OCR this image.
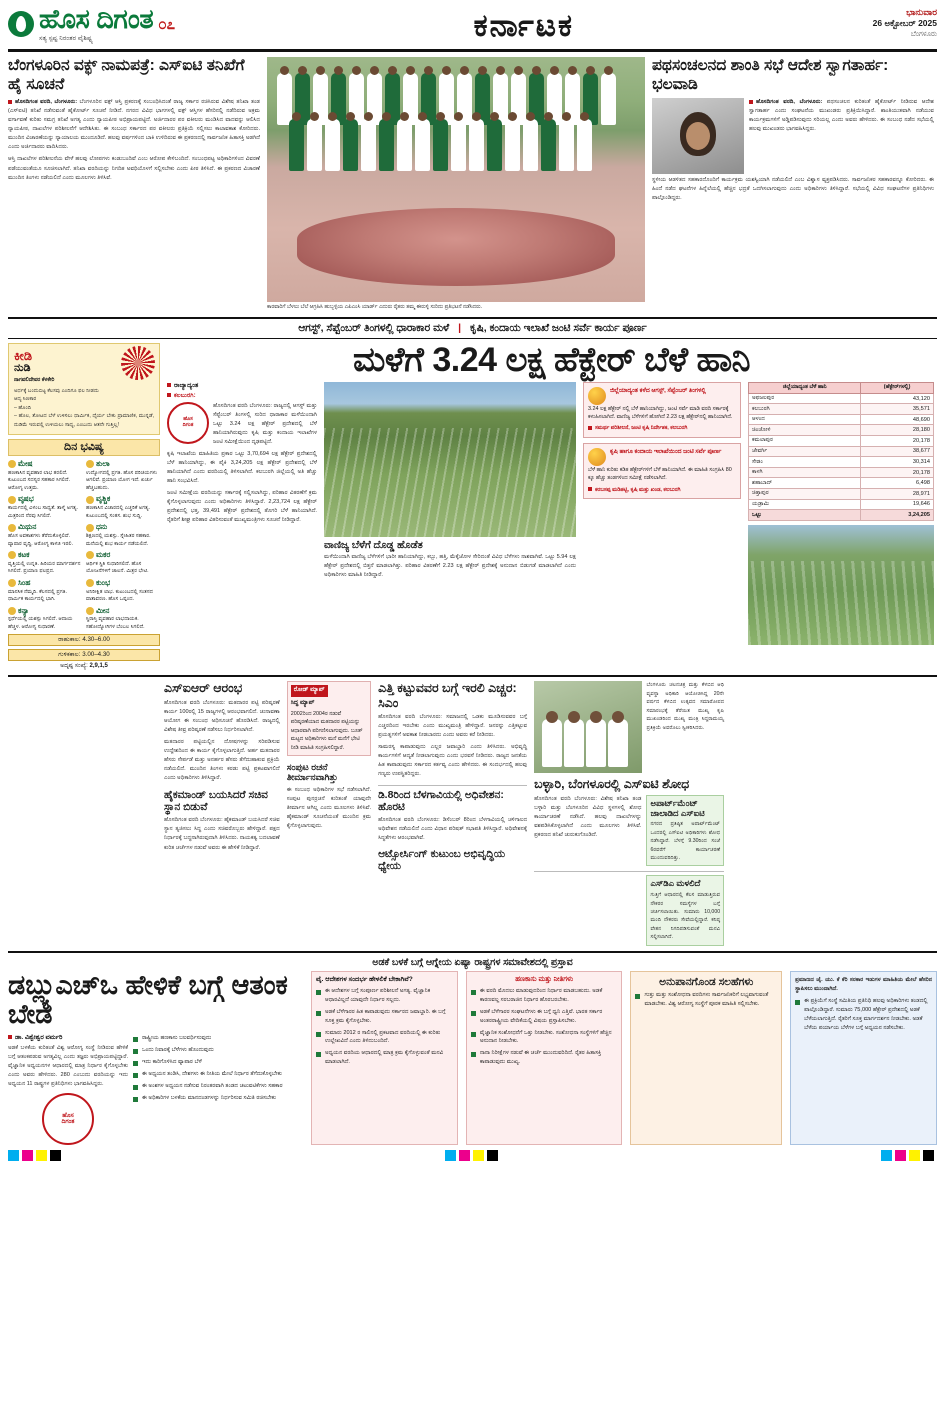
ಹೊಸ ದಿಗಂತ
ಸತ್ಯ ಸ್ಪಷ್ಟ ನಿರಂತರ ವೈಶಿಷ್ಟ್ಯ
೦೭	ಕರ್ನಾಟಕ	ಭಾನುವಾರ
26 ಅಕ್ಟೋಬರ್ 2025
ಬೆಂಗಳೂರು
ಬೆಂಗಳೂರಿನ ವಕ್ಫ್ ನಾಮಪತ್ರೆ: ಎಸ್‌ಐಟಿ ತನಿಖೆಗೆ ಹೈ ಸೂಚನೆ
ಹೊಸದಿಗಂತ ವರದಿ, ಬೆಂಗಳೂರು: ಬೆಂಗಳೂರಿನ ವಕ್ಫ್ ಆಸ್ತಿ ಪ್ರಕರಣಕ್ಕೆ ಸಂಬಂಧಿಸಿದಂತೆ ರಾಜ್ಯ ಸರ್ಕಾರ ರಚಿಸಿರುವ ವಿಶೇಷ ತನಿಖಾ ತಂಡ (ಎಸ್‌ಐಟಿ) ತನಿಖೆ ನಡೆಸುವಂತೆ ಹೈಕೋರ್ಟ್ ಸೂಚನೆ ನೀಡಿದೆ. ನಗರದ ವಿವಿಧ ಭಾಗಗಳಲ್ಲಿ ವಕ್ಫ್ ಆಸ್ತಿಗಳ ಹೆಸರಿನಲ್ಲಿ ನಡೆದಿರುವ ಅಕ್ರಮ ವರ್ಗಾವಣೆ ಕುರಿತು ಸಮಗ್ರ ತನಿಖೆ ಅಗತ್ಯ ಎಂದು ನ್ಯಾಯಪೀಠ ಅಭಿಪ್ರಾಯಪಟ್ಟಿದೆ. ಅರ್ಜಿದಾರರ ಪರ ವಕೀಲರು ಮಂಡಿಸಿದ ವಾದವನ್ನು ಆಲಿಸಿದ ನ್ಯಾಯಪೀಠ, ದಾಖಲೆಗಳ ಪರಿಶೀಲನೆಗೆ ಆದೇಶಿಸಿತು. ಈ ಸಂಬಂಧ ಸರ್ಕಾರದ ಪರ ವಕೀಲರು ಪ್ರತಿಕ್ರಿಯೆ ಸಲ್ಲಿಸಲು ಕಾಲಾವಕಾಶ ಕೋರಿದರು. ಮುಂದಿನ ವಿಚಾರಣೆಯನ್ನು ನ್ಯಾಯಾಲಯ ಮುಂದೂಡಿದೆ. ಹಲವು ವರ್ಷಗಳಿಂದ ಬಾಕಿ ಉಳಿದಿರುವ ಈ ಪ್ರಕರಣದಲ್ಲಿ ಸಾರ್ವಜನಿಕ ಹಿತಾಸಕ್ತಿ ಅಡಗಿದೆ ಎಂದು ಅರ್ಜಿದಾರರು ವಾದಿಸಿದರು.
ಆಸ್ತಿ ದಾಖಲೆಗಳ ಪರಿಶೀಲನೆಯ ವೇಳೆ ಹಲವು ಲೋಪಗಳು ಕಂಡುಬಂದಿವೆ ಎಂಬ ಆರೋಪ ಕೇಳಿಬಂದಿದೆ. ಸಂಬಂಧಪಟ್ಟ ಅಧಿಕಾರಿಗಳಿಂದ ವಿವರಣೆ ಪಡೆಯುವಂತೆಯೂ ಸೂಚಿಸಲಾಗಿದೆ. ತನಿಖಾ ವರದಿಯನ್ನು ನಿಗದಿತ ಅವಧಿಯೊಳಗೆ ಸಲ್ಲಿಸಬೇಕು ಎಂದು ಪೀಠ ತಿಳಿಸಿದೆ. ಈ ಪ್ರಕರಣದ ವಿಚಾರಣೆ ಮುಂದಿನ ತಿಂಗಳು ನಡೆಯಲಿದೆ ಎಂದು ಮೂಲಗಳು ತಿಳಿಸಿವೆ.
ಕಾರವಾರಿಗೆ ಬೆಳಲು ಬೆಲೆ ಆಗ್ರಹಿಸಿ ಹುಬ್ಬಳ್ಳಿಯ ಎಪಿಎಂಸಿ ಯಾರ್ಡ್ ಎದುರು ರೈತರು ತಮ್ಮ ಈರುಳ್ಳಿ ಸುರಿದು ಪ್ರತಿಭಟನೆ ನಡೆಸಿದರು.
ಪಥಸಂಚಲನದ ಶಾಂತಿ ಸಭೆ ಆದೇಶ ಸ್ವಾಗತಾರ್ಹ: ಭಲವಾಡಿ
ಹೊಸದಿಗಂತ ವರದಿ, ಬೆಂಗಳೂರು: ಪಥಸಂಚಲನ ಕುರಿತಂತೆ ಹೈಕೋರ್ಟ್ ನೀಡಿರುವ ಆದೇಶ ಸ್ವಾಗತಾರ್ಹ ಎಂದು ಸಂಘಟನೆಯ ಮುಖಂಡರು ಪ್ರತಿಕ್ರಿಯಿಸಿದ್ದಾರೆ. ಶಾಂತಿಯುತವಾಗಿ ನಡೆಯುವ ಕಾರ್ಯಕ್ರಮಗಳಿಗೆ ಅಡ್ಡಿಪಡಿಸುವುದು ಸರಿಯಲ್ಲ ಎಂದು ಅವರು ಹೇಳಿದರು. ಈ ಸಂಬಂಧ ನಡೆದ ಸಭೆಯಲ್ಲಿ ಹಲವು ಮುಖಂಡರು ಭಾಗವಹಿಸಿದ್ದರು.
ಸ್ಥಳೀಯ ಆಡಳಿತದ ಸಹಕಾರದೊಂದಿಗೆ ಕಾರ್ಯಕ್ರಮ ಯಶಸ್ವಿಯಾಗಿ ನಡೆಯಲಿದೆ ಎಂಬ ವಿಶ್ವಾಸ ವ್ಯಕ್ತಪಡಿಸಿದರು. ಸಾರ್ವಜನಿಕರ ಸಹಕಾರವನ್ನೂ ಕೋರಿದರು. ಈ ಹಿಂದೆ ನಡೆದ ಘಟನೆಗಳ ಹಿನ್ನೆಲೆಯಲ್ಲಿ ಹೆಚ್ಚಿನ ಭದ್ರತೆ ಒದಗಿಸಲಾಗುವುದು ಎಂದು ಅಧಿಕಾರಿಗಳು ತಿಳಿಸಿದ್ದಾರೆ. ಸಭೆಯಲ್ಲಿ ವಿವಿಧ ಸಂಘಟನೆಗಳ ಪ್ರತಿನಿಧಿಗಳು ಪಾಲ್ಗೊಂಡಿದ್ದರು.
ಆಗಸ್ಟ್, ಸೆಪ್ಟೆಂಬರ್ ತಿಂಗಳಲ್ಲಿ ಧಾರಾಕಾರ ಮಳೆ | ಕೃಷಿ, ಕಂದಾಯ ಇಲಾಖೆ ಜಂಟಿ ಸರ್ವೆ ಕಾರ್ಯ ಪೂರ್ಣ
ಕೀಡಿ
ನುಡಿ
ನಾಗವಲಿದೇವರ ಕೆಳಕೇರಿ
ಅರ್ಧಕ್ಕೆ ಬಂದುಬಿಟ್ಟ ಕೆಲಸವು ಎಂದಿಗೂ ಫಲ ನೀಡದು
ಆದ್ಯ ಸಿಣಕಾರ
– ಹೊಂದಿ
– ಹೊಲ, ತೋಟದ ಬೆಳೆ ಉಳಿಸಲು ಧಾರ್ಮಿಕ, ಧೈರ್ಯ ಬೇಕು ಪ್ರಾಮಾಣಿಕ, ಮುನ್ನಡೆ, ದುಡಿಮೆ ಇರುವಲ್ಲಿ ಉಳಿಯಲು ಸಾಧ್ಯ, ಎಂಬುದು ಆತನೇ ಗುತ್ತಿಲ್ಲ!
ದಿನ ಭವಿಷ್ಯ
ಮೇಷ
ಹಣಕಾಸಿನ ವ್ಯವಹಾರ ಲಾಭ ತರಲಿದೆ. ಕುಟುಂಬದ ಸದಸ್ಯರ ಸಹಕಾರ ಸಿಗಲಿದೆ. ಆರೋಗ್ಯ ಉತ್ತಮ.
ತುಲಾ
ಉದ್ಯೋಗದಲ್ಲಿ ಪ್ರಗತಿ. ಹೊಸ ಪರಿಚಯಗಳು ಆಗಲಿವೆ. ಪ್ರಯಾಣ ಯೋಗ ಇದೆ. ಖರ್ಚು ಹೆಚ್ಚಬಹುದು.
ವೃಷಭ
ಕಾರ್ಯದಲ್ಲಿ ವಿಳಂಬ ಸಾಧ್ಯತೆ. ತಾಳ್ಮೆ ಅಗತ್ಯ. ಮಿತ್ರರಿಂದ ನೆರವು ಸಿಗಲಿದೆ.
ವೃಶ್ಚಿಕ
ಹಣಕಾಸಿನ ವಿಚಾರದಲ್ಲಿ ಎಚ್ಚರಿಕೆ ಅಗತ್ಯ. ಕುಟುಂಬದಲ್ಲಿ ಸಂತಸ. ಶುಭ ಸುದ್ದಿ.
ಮಿಥುನ
ಹೊಸ ಅವಕಾಶಗಳು ತೆರೆದುಕೊಳ್ಳಲಿವೆ. ವ್ಯಾಪಾರ ವೃದ್ಧಿ. ಆರೋಗ್ಯ ಕಾಳಜಿ ಇರಲಿ.
ಧನು
ಶಿಕ್ಷಣದಲ್ಲಿ ಯಶಸ್ಸು. ಸ್ನೇಹಿತರ ಸಹಕಾರ. ಮನೆಯಲ್ಲಿ ಶುಭ ಕಾರ್ಯ ನಡೆಯಲಿದೆ.
ಕಟಕ
ವೃತ್ತಿಯಲ್ಲಿ ಉನ್ನತಿ. ಹಿರಿಯರ ಮಾರ್ಗದರ್ಶನ ಸಿಗಲಿದೆ. ಪ್ರಯಾಣ ಫಲಪ್ರದ.
ಮಕರ
ಆರ್ಥಿಕ ಸ್ಥಿತಿ ಸುಧಾರಿಸಲಿದೆ. ಹೊಸ ಯೋಜನೆಗಳಿಗೆ ಚಾಲನೆ. ಮಿತ್ರರ ಭೇಟಿ.
ಸಿಂಹ
ಮಾನಸಿಕ ನೆಮ್ಮದಿ. ಕೆಲಸದಲ್ಲಿ ಪ್ರಗತಿ. ಧಾರ್ಮಿಕ ಕಾರ್ಯದಲ್ಲಿ ಭಾಗಿ.
ಕುಂಭ
ಅನಿರೀಕ್ಷಿತ ಲಾಭ. ಕುಟುಂಬದಲ್ಲಿ ಸಂತಸದ ವಾತಾವರಣ. ಹೊಸ ಒಪ್ಪಂದ.
ಕನ್ಯಾ
ಸ್ಪರ್ಧೆಯಲ್ಲಿ ಯಶಸ್ಸು ಸಿಗಲಿದೆ. ಆದಾಯ ಹೆಚ್ಚಳ. ಆರೋಗ್ಯ ಸುಧಾರಣೆ.
ಮೀನ
ಸ್ಥಿರಾಸ್ತಿ ವ್ಯವಹಾರ ಲಾಭದಾಯಕ. ಸಹೋದ್ಯೋಗಿಗಳ ಬೆಂಬಲ ಸಿಗಲಿದೆ.
ರಾಹುಕಾಲ: 4.30–6.00
ಗುಳಿಕಕಾಲ: 3.00–4.30
ಅದೃಷ್ಟ ಸಂಖ್ಯೆ: 2,9,1,5
ಮಳೆಗೆ 3.24 ಲಕ್ಷ ಹೆಕ್ಟೇರ್ ಬೆಳೆ ಹಾನಿ
ರಾಜ್ಯಾದ್ಯಂತ
ಕಲಬುರಗಿ:
ಹೊಸ
ದಿಗಂತ
ಹೊಸದಿಗಂತ ವರದಿ ಬೆಂಗಳೂರು: ರಾಜ್ಯದಲ್ಲಿ ಆಗಸ್ಟ್ ಮತ್ತು ಸೆಪ್ಟೆಂಬರ್ ತಿಂಗಳಲ್ಲಿ ಸುರಿದ ಧಾರಾಕಾರ ಮಳೆಯಿಂದಾಗಿ ಒಟ್ಟು 3.24 ಲಕ್ಷ ಹೆಕ್ಟೇರ್ ಪ್ರದೇಶದಲ್ಲಿ ಬೆಳೆ ಹಾನಿಯಾಗಿರುವುದು ಕೃಷಿ ಮತ್ತು ಕಂದಾಯ ಇಲಾಖೆಗಳ ಜಂಟಿ ಸಮೀಕ್ಷೆಯಿಂದ ದೃಢಪಟ್ಟಿದೆ.
ಕೃಷಿ ಇಲಾಖೆಯ ಮಾಹಿತಿಯ ಪ್ರಕಾರ ಒಟ್ಟು 3,70,694 ಲಕ್ಷ ಹೆಕ್ಟೇರ್ ಪ್ರದೇಶದಲ್ಲಿ ಬೆಳೆ ಹಾನಿಯಾಗಿದ್ದು, ಈ ಪೈಕಿ 3,24,205 ಲಕ್ಷ ಹೆಕ್ಟೇರ್ ಪ್ರದೇಶದಲ್ಲಿ ಬೆಳೆ ಹಾನಿಯಾಗಿದೆ ಎಂದು ವರದಿಯಲ್ಲಿ ತಿಳಿಸಲಾಗಿದೆ. ಕಲಬುರಗಿ ಜಿಲ್ಲೆಯಲ್ಲಿ ಅತಿ ಹೆಚ್ಚು ಹಾನಿ ಸಂಭವಿಸಿದೆ.
ಜಂಟಿ ಸಮೀಕ್ಷೆಯ ವರದಿಯನ್ನು ಸರ್ಕಾರಕ್ಕೆ ಸಲ್ಲಿಸಲಾಗಿದ್ದು, ಪರಿಹಾರ ವಿತರಣೆಗೆ ಕ್ರಮ ಕೈಗೊಳ್ಳಲಾಗುವುದು ಎಂದು ಅಧಿಕಾರಿಗಳು ತಿಳಿಸಿದ್ದಾರೆ. 2,23,724 ಲಕ್ಷ ಹೆಕ್ಟೇರ್ ಪ್ರದೇಶದಲ್ಲಿ ಭತ್ತ, 39,491 ಹೆಕ್ಟೇರ್ ಪ್ರದೇಶದಲ್ಲಿ ತೊಗರಿ ಬೆಳೆ ಹಾನಿಯಾಗಿದೆ. ರೈತರಿಗೆ ಶೀಘ್ರ ಪರಿಹಾರ ವಿತರಿಸುವಂತೆ ಮುಖ್ಯಮಂತ್ರಿಗಳು ಸೂಚನೆ ನೀಡಿದ್ದಾರೆ.
ವಾಣಿಜ್ಯ ಬೆಳೆಗೆ ದೊಡ್ಡ ಹೊಡೆತ
ಮಳೆಯಿಂದಾಗಿ ವಾಣಿಜ್ಯ ಬೆಳೆಗಳಿಗೆ ಭಾರೀ ಹಾನಿಯಾಗಿದ್ದು, ಕಬ್ಬು, ಹತ್ತಿ, ಮೆಕ್ಕೆಜೋಳ ಸೇರಿದಂತೆ ವಿವಿಧ ಬೆಳೆಗಳು ನಾಶವಾಗಿವೆ. ಒಟ್ಟು 5.94 ಲಕ್ಷ ಹೆಕ್ಟೇರ್ ಪ್ರದೇಶದಲ್ಲಿ ಬಿತ್ತನೆ ಮಾಡಲಾಗಿತ್ತು. ಪರಿಹಾರ ವಿತರಣೆಗೆ 2.23 ಲಕ್ಷ ಹೆಕ್ಟೇರ್ ಪ್ರದೇಶಕ್ಕೆ ಅನುದಾನ ಬಿಡುಗಡೆ ಮಾಡಲಾಗಿದೆ ಎಂದು ಅಧಿಕಾರಿಗಳು ಮಾಹಿತಿ ನೀಡಿದ್ದಾರೆ.
ಜಿಲ್ಲೆಯಾದ್ಯಂತ ಕಳೆದ ಆಗಸ್ಟ್, ಸೆಪ್ಟೆಂಬರ್ ತಿಂಗಳಲ್ಲಿ
3.24 ಲಕ್ಷ ಹೆಕ್ಟೇರ್ ನಲ್ಲಿ ಬೆಳೆ ಹಾನಿಯಾಗಿದ್ದು, ಜಂಟಿ ಸರ್ವೆ ಮಾಡಿ ವರದಿ ಸರ್ಕಾರಕ್ಕೆ ಕಳುಹಿಸಲಾಗಿದೆ. ವಾಣಿಜ್ಯ ಬೆಳೆಗಳಿಗೆ ಹೋಗಿದೆ 2.23 ಲಕ್ಷ ಹೆಕ್ಟೇರ್‌ನಲ್ಲಿ ಹಾನಿಯಾಗಿದೆ.
ಸಮರ್ಥ ಪರಿಶೀಲನೆ, ಜಂಟಿ ಕೃಷಿ ನಿರ್ದೇಶಕ, ಕಲಬುರಗಿ
ಕೃಷಿ ಹಾಗೂ ಕಂದಾಯ ಇಲಾಖೆಯಿಂದ ಜಂಟಿ ಸರ್ವೆ ಪೂರ್ಣ
ಬೆಳೆ ಹಾನಿ ಕುರಿತು ಕಡಿತ ಹೆಕ್ಟೇರ್‌ಗಳಿಗೆ ಬೆಳೆ ಹಾನಿಯಾಗಿದೆ. ಈ ಮಾಹಿತಿ ಸಂಗ್ರಹಿಸಿ 80 ಕ್ಕೂ ಹೆಚ್ಚು ತಂಡಗಳಿಂದ ಸಮೀಕ್ಷೆ ನಡೆಸಲಾಗಿದೆ.
ಕರಬಸಪ್ಪ ಮಡಿತಟ್ಟಿ, ಕೃಷಿ ಮತ್ತು ಖಂಡ, ಕಲಬುರಗಿ
ಜಿಲ್ಲೆಯಾದ್ಯಂತ ಬೆಳೆ ಹಾನಿ	(ಹೆಕ್ಟೇರ್‌ಗಳಲ್ಲಿ)
ಅಫಜಲಪುರ	43,120
ಕಲಬುರಗಿ	35,571
ಆಳಂದ	48,690
ಚಿಂಚೋಳಿ	28,180
ಕಮಲಾಪುರ	20,178
ಜೇವರ್ಗಿ	38,677
ಸೇಡಂ	30,314
ಕಾಳಗಿ	20,178
ಶಹಾಬಾದ್	6,498
ಚಿತ್ತಾಪುರ	28,971
ಯಡ್ರಾಮಿ	19,646
ಒಟ್ಟು	3,24,205
ಎಸ್‌ಐಆರ್ ಆರಂಭ
ಹೊಸದಿಗಂತ ವರದಿ ಬೆಂಗಳೂರು: ಮತದಾರರ ಪಟ್ಟಿ ಪರಿಷ್ಕರಣೆ ಕಾರ್ಯ 100ರಲ್ಲಿ 15 ರಾಜ್ಯಗಳಲ್ಲಿ ಆರಂಭವಾಗಲಿದೆ. ಚುನಾವಣಾ ಆಯೋಗ ಈ ಸಂಬಂಧ ಅಧಿಸೂಚನೆ ಹೊರಡಿಸಿದೆ. ರಾಜ್ಯದಲ್ಲಿ ವಿಶೇಷ ತೀವ್ರ ಪರಿಷ್ಕರಣೆ ನಡೆಸಲು ನಿರ್ಧರಿಸಲಾಗಿದೆ.
ಮತದಾರರ ಪಟ್ಟಿಯಲ್ಲಿನ ದೋಷಗಳನ್ನು ಸರಿಪಡಿಸುವ ಉದ್ದೇಶದಿಂದ ಈ ಕಾರ್ಯ ಕೈಗೊಳ್ಳಲಾಗುತ್ತಿದೆ. ಅರ್ಹ ಮತದಾರರ ಹೆಸರು ಸೇರ್ಪಡೆ ಮತ್ತು ಅನರ್ಹರ ಹೆಸರು ತೆಗೆದುಹಾಕುವ ಪ್ರಕ್ರಿಯೆ ನಡೆಯಲಿದೆ. ಮುಂದಿನ ತಿಂಗಳು ಕರಡು ಪಟ್ಟಿ ಪ್ರಕಟವಾಗಲಿದೆ ಎಂದು ಅಧಿಕಾರಿಗಳು ತಿಳಿಸಿದ್ದಾರೆ.
ಹೈಕಮಾಂಡ್ ಬಯಸಿದರೆ ಸಚಿವ ಸ್ಥಾನ ಬಿಡುವೆ
ಹೊಸದಿಗಂತ ವರದಿ ಬೆಂಗಳೂರು: ಹೈಕಮಾಂಡ್ ಬಯಸಿದರೆ ಸಚಿವ ಸ್ಥಾನ ತ್ಯಜಿಸಲು ಸಿದ್ಧ ಎಂದು ಸಚಿವರೊಬ್ಬರು ಹೇಳಿದ್ದಾರೆ. ಪಕ್ಷದ ನಿರ್ಧಾರಕ್ಕೆ ಬದ್ಧನಾಗಿರುವುದಾಗಿ ತಿಳಿಸಿದರು. ನಾಯಕತ್ವ ಬದಲಾವಣೆ ಕುರಿತ ಚರ್ಚೆಗಳ ನಡುವೆ ಅವರು ಈ ಹೇಳಿಕೆ ನೀಡಿದ್ದಾರೆ.
ರೋಡ್ ಮ್ಯಾಪ್
ಸಿದ್ಧ ಮ್ಯಾಪ್
2002ರಿಂದ 2004ರ ನಡುವೆ ಪರಿಷ್ಕರಣೆಯಾದ ಮತದಾರರ ಪಟ್ಟಿಯನ್ನು ಆಧಾರವಾಗಿ ಪರಿಗಣಿಸಲಾಗುವುದು. ಬೂತ್ ಮಟ್ಟದ ಅಧಿಕಾರಿಗಳು ಮನೆ ಮನೆಗೆ ಭೇಟಿ ನೀಡಿ ಮಾಹಿತಿ ಸಂಗ್ರಹಿಸಲಿದ್ದಾರೆ.
ಸಂಪುಟ ರಚನೆ ತೀರ್ಮಾನವಾಗಿತ್ತು
ಈ ಸಂಬಂಧ ಅಧಿಕಾರಿಗಳ ಸಭೆ ನಡೆಸಲಾಗಿದೆ. ಸಂಪುಟ ಪುನರ್ರಚನೆ ಕುರಿತಂತೆ ಯಾವುದೇ ತೀರ್ಮಾನ ಆಗಿಲ್ಲ ಎಂದು ಮೂಲಗಳು ತಿಳಿಸಿವೆ. ಹೈಕಮಾಂಡ್ ಸೂಚನೆಯಂತೆ ಮುಂದಿನ ಕ್ರಮ ಕೈಗೊಳ್ಳಲಾಗುವುದು.
ಎತ್ತಿ ಕಟ್ಟುವವರ ಬಗ್ಗೆ ಇರಲಿ ಎಚ್ಚರ: ಸಿಎಂ
ಹೊಸದಿಗಂತ ವರದಿ ಬೆಂಗಳೂರು: ಸಮಾಜದಲ್ಲಿ ಒಡಕು ಮೂಡಿಸುವವರ ಬಗ್ಗೆ ಎಚ್ಚರದಿಂದ ಇರಬೇಕು ಎಂದು ಮುಖ್ಯಮಂತ್ರಿ ಹೇಳಿದ್ದಾರೆ. ಜನರನ್ನು ಎತ್ತಿಕಟ್ಟುವ ಪ್ರಯತ್ನಗಳಿಗೆ ಅವಕಾಶ ನೀಡಬಾರದು ಎಂದು ಅವರು ಕರೆ ನೀಡಿದರು.
ಸಾಮರಸ್ಯ ಕಾಪಾಡುವುದು ಎಲ್ಲರ ಜವಾಬ್ದಾರಿ ಎಂದು ತಿಳಿಸಿದರು. ಅಭಿವೃದ್ಧಿ ಕಾರ್ಯಗಳಿಗೆ ಆದ್ಯತೆ ನೀಡಲಾಗುವುದು ಎಂದು ಭರವಸೆ ನೀಡಿದರು. ರಾಜ್ಯದ ಜನತೆಯ ಹಿತ ಕಾಪಾಡುವುದು ಸರ್ಕಾರದ ಕರ್ತವ್ಯ ಎಂದು ಹೇಳಿದರು. ಈ ಸಂದರ್ಭದಲ್ಲಿ ಹಲವು ಗಣ್ಯರು ಉಪಸ್ಥಿತರಿದ್ದರು.
ಡಿ.8ರಿಂದ ಬೆಳಗಾವಿಯಲ್ಲಿ ಅಧಿವೇಶನ: ಹೊರಟಿ
ಹೊಸದಿಗಂತ ವರದಿ ಬೆಂಗಳೂರು: ಡಿಸೆಂಬರ್ 8ರಿಂದ ಬೆಳಗಾವಿಯಲ್ಲಿ ಚಳಿಗಾಲದ ಅಧಿವೇಶನ ನಡೆಯಲಿದೆ ಎಂದು ವಿಧಾನ ಪರಿಷತ್ ಸಭಾಪತಿ ತಿಳಿಸಿದ್ದಾರೆ. ಅಧಿವೇಶನಕ್ಕೆ ಸಿದ್ಧತೆಗಳು ಆರಂಭವಾಗಿವೆ.
ಆಟ್ಸೋರ್ಸಿಂಗ್ ಕುಟುಂಬ ಅಭಿವೃದ್ಧಿಯ ಧ್ಯೇಯ
ಬೆಂಗಳೂರು ಚಲನಚಿತ್ರ ಮತ್ತು ಕೆಳಬಿದ ಆಧಿ ವ್ಯವಸ್ಥಾ ಅಧಿಕಾರಿ ಆಯೋಜಿಸಿದ್ದ 20ನೇ ವರ್ಷದ ಕೆಳಬಿದ ಉತ್ಸವದ ಸಮಾರೋಪದ ಸಮಾರಂಭಕ್ಕೆ ತೆರೆಯಿತ ಮುಖ್ಯ ಕೃಷಿ ಮುಖಂಡರಿಂದ ಮುಖ್ಯ ಮಂತ್ರಿ ಸಿದ್ದರಾಮಯ್ಯ ಪ್ರತಿಕ್ರಿಯೆ ಅವರೊಲು ಸ್ವೀಕರಿಸಿದರು.
ಬಳ್ಳಾರಿ, ಬೆಂಗಳೂರಲ್ಲಿ ಎಸ್‌ಐಟಿ ಶೋಧ
ಹೊಸದಿಗಂತ ವರದಿ ಬೆಂಗಳೂರು: ವಿಶೇಷ ತನಿಖಾ ತಂಡ ಬಳ್ಳಾರಿ ಮತ್ತು ಬೆಂಗಳೂರಿನ ವಿವಿಧ ಸ್ಥಳಗಳಲ್ಲಿ ಶೋಧ ಕಾರ್ಯಾಚರಣೆ ನಡೆಸಿದೆ. ಹಲವು ದಾಖಲೆಗಳನ್ನು ವಶಪಡಿಸಿಕೊಳ್ಳಲಾಗಿದೆ ಎಂದು ಮೂಲಗಳು ತಿಳಿಸಿವೆ. ಪ್ರಕರಣದ ತನಿಖೆ ಚುರುಕುಗೊಂಡಿದೆ.
ಅಪಾರ್ಟ್‌ಮೆಂಟ್ ಜಾಲಾಡಿದ ಎಸ್‌ಐಟಿ
ನಗರದ ಪ್ರತಿಷ್ಠಿತ ಅಪಾರ್ಟ್‌ಮೆಂಟ್ ಒಂದರಲ್ಲಿ ಎಸ್‌ಐಟಿ ಅಧಿಕಾರಿಗಳು ಶೋಧ ನಡೆಸಿದ್ದಾರೆ. ಬೆಳಗ್ಗೆ 9.30ರಿಂದ ಸಂಜೆ 6ರವರೆಗೆ ಕಾರ್ಯಾಚರಣೆ ಮುಂದುವರಿದಿತ್ತು.
ಎಸ್‌ಡಿಎ ಮಳಲಿದೆ
ಗುತ್ತಿಗೆ ಆಧಾರದಲ್ಲಿ ಕೆಲಸ ಮಾಡುತ್ತಿರುವ ನೌಕರರ ಸಮಸ್ಯೆಗಳ ಬಗ್ಗೆ ಚರ್ಚಿಸಲಾಯಿತು. ಸುಮಾರು 10,000 ಮಂದಿ ನೌಕರರು ಸೇವೆಯಲ್ಲಿದ್ದಾರೆ. ಕನಿಷ್ಠ ವೇತನ ನಿಗದಿಪಡಿಸುವಂತೆ ಮನವಿ ಸಲ್ಲಿಸಲಾಗಿದೆ.
ಅಡಕೆ ಬಳಕೆ ಬಗ್ಗೆ ಆಗ್ನೇಯ ಏಷ್ಯಾ ರಾಷ್ಟ್ರಗಳ ಸಮಾವೇಶದಲ್ಲಿ ಪ್ರಸ್ತಾವ
ಡಬ್ಲ್ಯುಎಚ್‌ಒ ಹೇಳಿಕೆ ಬಗ್ಗೆ ಆತಂಕ ಬೇಡ
ಡಾ. ವಿಶ್ವೇಶ್ವರ ವರ್ಮರಿ
ಅಡಕೆ ಬಳಕೆಯ ಕುರಿತಂತೆ ವಿಶ್ವ ಆರೋಗ್ಯ ಸಂಸ್ಥೆ ನೀಡಿರುವ ಹೇಳಿಕೆ ಬಗ್ಗೆ ಆತಂಕಪಡುವ ಅಗತ್ಯವಿಲ್ಲ ಎಂದು ತಜ್ಞರು ಅಭಿಪ್ರಾಯಪಟ್ಟಿದ್ದಾರೆ. ವೈಜ್ಞಾನಿಕ ಅಧ್ಯಯನಗಳ ಆಧಾರದಲ್ಲಿ ಮಾತ್ರ ನಿರ್ಧಾರ ಕೈಗೊಳ್ಳಬೇಕು ಎಂದು ಅವರು ಹೇಳಿದರು. 280 ಎಂಬುದು ವರದಿಯನ್ನು ಇದು ಅಧ್ಯಯನ 11 ರಾಷ್ಟ್ರಗಳ ಪ್ರತಿನಿಧಿಗಳು ಭಾಗವಹಿಸಿದ್ದರು.
ಹೊಸ
ದಿಗಂತ
ರಾಷ್ಟ್ರೀಯ ಹಣಕಾಸು ಬಲವರ್ಧಿಸುವುದು
ಒಂದು ನಿವಾರಕ್ಕೆ ಬೆಳೆಗಳು ಹೊಂದುವುದು
ಇದು ಕಾರಿಗೊಳಿಸಿದ ವ್ಯಾಪಾರ ಬೆಳೆ
ಈ ಅಧ್ಯಯನ ತಂಡಿಸಿ, ದೇಶಗಳು ಈ ನೀತಿಯ ಮೇಲೆ ನಿರ್ಧಾರ ತೆಗೆದುಕೊಳ್ಳಬೇಕು
ಈ ಅಂಶಗಳ ಅಧ್ಯಯನ ನಡೆಸುವ ನಿರಂತರವಾಗಿ ತಂಡದ ಚಟುವಟಿಕೆಗಳು ಸಹಕಾರ
ಈ ಅಧಿಕಾರಿಗಳ ಬಳಕೆಯ ಮಾನದಂಡಗಳನ್ನು ನಿರ್ಧರಿಸುವ ಸಮಿತಿ ರಚಿಸಬೇಕು
ವೈ. ಆದೇಶಗಳ ಸಂದರ್ಭ ಹೇಳಲಿಕೆ ಬೇಕಾಗಿವೆ?
ಈ ಆದೇಶಗಳ ಬಗ್ಗೆ ಸಂಪೂರ್ಣ ಪರಿಶೀಲನೆ ಅಗತ್ಯ. ವೈಜ್ಞಾನಿಕ ಆಧಾರವಿಲ್ಲದೆ ಯಾವುದೇ ನಿರ್ಧಾರ ಸಲ್ಲದು.
ಅಡಕೆ ಬೆಳೆಗಾರರ ಹಿತ ಕಾಪಾಡುವುದು ಸರ್ಕಾರದ ಜವಾಬ್ದಾರಿ. ಈ ಬಗ್ಗೆ ಸೂಕ್ತ ಕ್ರಮ ಕೈಗೊಳ್ಳಬೇಕು.
ಸುಮಾರು 2012 ರ ಸಾಲಿನಲ್ಲಿ ಪ್ರಕಟವಾದ ವರದಿಯಲ್ಲಿ ಈ ಕುರಿತು ಉಲ್ಲೇಖವಿದೆ ಎಂದು ತಿಳಿದುಬಂದಿದೆ.
ಅಧ್ಯಯನ ವರದಿಯ ಆಧಾರದಲ್ಲಿ ಮಾತ್ರ ಕ್ರಮ ಕೈಗೊಳ್ಳುವಂತೆ ಮನವಿ ಮಾಡಲಾಗಿದೆ.
ಹಣಕಾಸು ಮತ್ತು ನೀತಿಗಳು
ಈ ವರದಿ ಮೊದಲು ಮಾಡುವುದರಿಂದ ನಿರ್ಧಾರ ಮಾಡಬಹುದು. ಅಡಕೆ ಕಾರಣವಲ್ಲ ಸರಬರಾಜಿನ ನಿರ್ಧಾರ ಹೊರಬರಬೇಕು.
ಅಡಕೆ ಬೆಳೆಗಾರರ ಸಂಘಟನೆಗಳು ಈ ಬಗ್ಗೆ ಧ್ವನಿ ಎತ್ತಿವೆ. ಭಾರತ ಸರ್ಕಾರ ಅಂತರರಾಷ್ಟ್ರೀಯ ವೇದಿಕೆಯಲ್ಲಿ ವಿಷಯ ಪ್ರಸ್ತಾಪಿಸಬೇಕು.
ವೈಜ್ಞಾನಿಕ ಸಂಶೋಧನೆಗೆ ಒತ್ತು ನೀಡಬೇಕು. ಸಂಶೋಧನಾ ಸಂಸ್ಥೆಗಳಿಗೆ ಹೆಚ್ಚಿನ ಅನುದಾನ ನೀಡಬೇಕು.
ನಾನಾ ನಿರೀಕ್ಷೆಗಳ ನಡುವೆ ಈ ಚರ್ಚೆ ಮುಂದುವರಿದಿದೆ. ರೈತರ ಹಿತಾಸಕ್ತಿ ಕಾಪಾಡುವುದು ಮುಖ್ಯ.
ಅನುಪಾನಗೊಂಡ ಸಲಹೆಗಳು
ಗುತ್ತು ಮತ್ತು ಸಂಶೋಧನಾ ವರದಿಗಳು ಸಾರ್ವಜನಿಕರಿಗೆ ಲಭ್ಯವಾಗುವಂತೆ ಮಾಡಬೇಕು. ವಿಶ್ವ ಆರೋಗ್ಯ ಸಂಸ್ಥೆಗೆ ಪೂರಕ ಮಾಹಿತಿ ಸಲ್ಲಿಸಬೇಕು.
ಪ್ರಮಾಣದ ಜೈ. ಯು. ಕೆ ಕೆರಿ ಸರಕಾರ ಇಡುಗಳ ಮಾಹಿತಿಯ ಮೇಲೆ ಹೆಸರಿನ ಸ್ಥಾಪಿಸಲು ಮುಂದಾಗಿದೆ.
ಈ ಪ್ರಕ್ರಿಯೆಗೆ ಸಂಸ್ಥೆ ಸಮಿತಿಯ ಪ್ರತಿನಿಧಿ ಹಲವು ಅಧಿಕಾರಿಗಳು ತಂಡದಲ್ಲಿ ಪಾಲ್ಗೊಂಡಿದ್ದಾರೆ. ಸುಮಾರು 75,000 ಹೆಕ್ಟೇರ್ ಪ್ರದೇಶದಲ್ಲಿ ಅಡಕೆ ಬೆಳೆಯಲಾಗುತ್ತಿದೆ. ರೈತರಿಗೆ ಸೂಕ್ತ ಮಾರ್ಗದರ್ಶನ ನೀಡಬೇಕು. ಅಡಕೆ ಬೆಳೆಯ ಪರ್ಯಾಯ ಬೆಳೆಗಳ ಬಗ್ಗೆ ಅಧ್ಯಯನ ನಡೆಸಬೇಕು.
